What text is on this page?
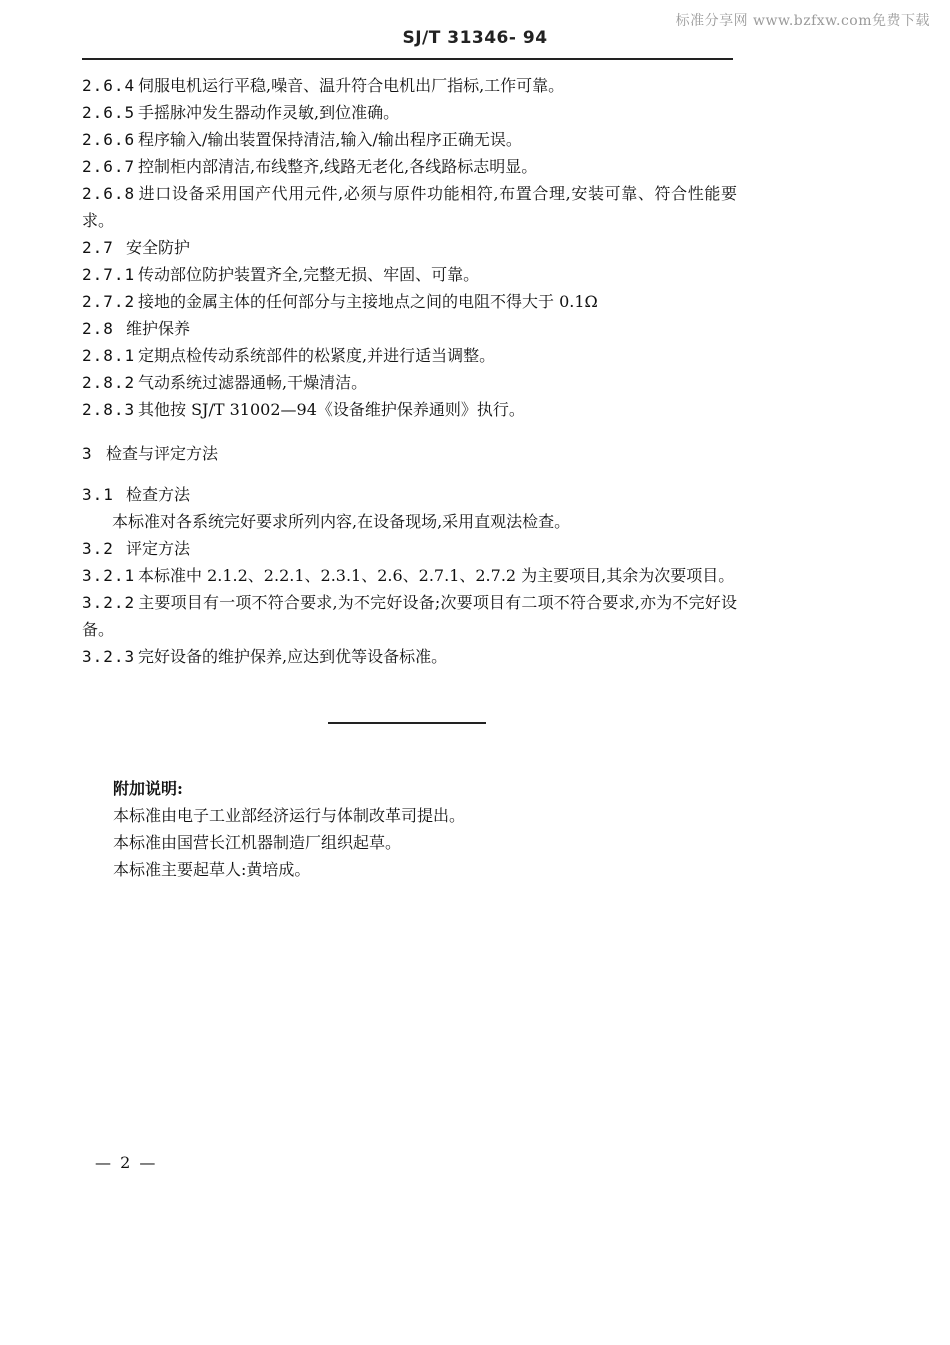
标准分享网 www.bzfxw.com免费下载
SJ/T 31346- 94

2.6.4 伺服电机运行平稳,噪音、温升符合电机出厂指标,工作可靠。

2.6.5 手摇脉冲发生器动作灵敏,到位准确。

2.6.6 程序输入/输出装置保持清洁,输入/输出程序正确无误。

2.6.7 控制柜内部清洁,布线整齐,线路无老化,各线路标志明显。

2.6.8 进口设备采用国产代用元件,必须与原件功能相符,布置合理,安装可靠、符合性能要求。

2.7 安全防护

2.7.1 传动部位防护装置齐全,完整无损、牢固、可靠。

2.7.2 接地的金属主体的任何部分与主接地点之间的电阻不得大于 0.1Ω

2.8 维护保养

2.8.1 定期点检传动系统部件的松紧度,并进行适当调整。

2.8.2 气动系统过滤器通畅,干燥清洁。

2.8.3 其他按 SJ/T 31002—94《设备维护保养通则》执行。

3 检查与评定方法

3.1 检查方法

本标准对各系统完好要求所列内容,在设备现场,采用直观法检查。

3.2 评定方法

3.2.1 本标准中 2.1.2、2.2.1、2.3.1、2.6、2.7.1、2.7.2 为主要项目,其余为次要项目。

3.2.2 主要项目有一项不符合要求,为不完好设备;次要项目有二项不符合要求,亦为不完好设备。

3.2.3 完好设备的维护保养,应达到优等设备标准。

附加说明:
本标准由电子工业部经济运行与体制改革司提出。
本标准由国营长江机器制造厂组织起草。
本标准主要起草人:黄培成。
— 2 —
